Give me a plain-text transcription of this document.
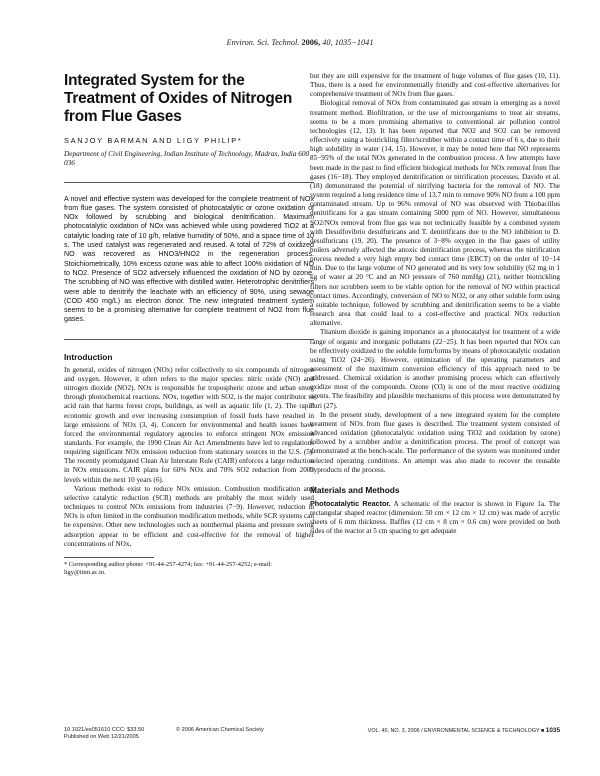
Environ. Sci. Technol. 2006, 40, 1035−1041
Integrated System for the Treatment of Oxides of Nitrogen from Flue Gases

SANJOY BARMAN AND LIGY PHILIP*

Department of Civil Engineering, Indian Institute of Technology, Madras, India 600 036

A novel and effective system was developed for the complete treatment of NOx from flue gases. The system consisted of photocatalytic or ozone oxidation of NOx followed by scrubbing and biological denitrification. Maximum photocatalytic oxidation of NOx was achieved while using powdered TiO2 at a catalytic loading rate of 10 g/h, relative humidity of 50%, and a space time of 10 s. The used catalyst was regenerated and reused. A total of 72% of oxidized NO was recovered as HNO3/HNO2 in the regeneration process. Stoichiometrically, 10% excess ozone was able to affect 100% oxidation of NO to NO2. Presence of SO2 adversely influenced the oxidation of NO by ozone. The scrubbing of NO was effective with distilled water. Heterotrophic denitrifiers were able to denitrify the leachate with an efficiency of 90%, using sewage (COD 450 mg/L) as electron donor. The new integrated treatment system seems to be a promising alternative for complete treatment of NO2 from flue gases.

Introduction

In general, oxides of nitrogen (NOx) refer collectively to six compounds of nitrogen and oxygen. However, it often refers to the major species: nitric oxide (NO) and nitrogen dioxide (NO2). NOx is responsible for tropospheric ozone and urban smog through photochemical reactions. NOx, together with SO2, is the major contributor to acid rain that harms forest crops, buildings, as well as aquatic life (1, 2). The rapid economic growth and ever increasing consumption of fossil fuels have resulted in large emissions of NOx (3, 4). Concern for environmental and health issues have forced the environmental regulatory agencies to enforce stringent NOx emission standards. For example, the 1990 Clean Air Act Amendments have led to regulations requiring significant NOx emission reduction from stationary sources in the U.S. (5). The recently promulgated Clean Air Interstate Rule (CAIR) enforces a large reduction in NOx emissions. CAIR plans for 60% NOx and 70% SO2 reduction from 2003 levels within the next 10 years (6).

Various methods exist to reduce NOx emission. Combustion modification and selective catalytic reduction (SCR) methods are probably the most widely used techniques to control NOx emissions from industries (7−9). However, reduction in NOx is often limited in the combustion modification methods, while SCR systems can be expensive. Other new technologies such as nonthermal plasma and pressure swing adsorption appear to be efficient and cost-effective for the removal of higher concentrations of NOx,

* Corresponding author phone: +91-44-257-4274; fax: +91-44-257-4252; e-mail: ligy@iitm.ac.in.

but they are still expensive for the treatment of huge volumes of flue gases (10, 11). Thus, there is a need for environmentally friendly and cost-effective alternatives for comprehensive treatment of NOx from flue gases.

Biological removal of NOx from contaminated gas stream is emerging as a novel treatment method. Biofiltration, or the use of microorganisms to treat air streams, seems to be a more promising alternative to conventional air pollution control technologies (12, 13). It has been reported that NO2 and SO2 can be removed effectively using a biotrickling filter/scrubber within a contact time of 6 s, due to their high solubility in water (14, 15). However, it may be noted here that NO represents 85−95% of the total NOx generated in the combustion process. A few attempts have been made in the past to find efficient biological methods for NOx removal from flue gases (16−18). They employed denitrification or nitrification processes. Davido et al. (18) demonstrated the potential of nitrifying bacteria for the removal of NO. The system required a long residence time of 13.7 min to remove 90% NO from a 100 ppm contaminated stream. Up to 96% removal of NO was observed with Thiobacillus denitrificans for a gas stream containing 5000 ppm of NO. However, simultaneous SO2/NOx removal from flue gas was not technically feasible by a combined system with Desulfovibrio desulfuricans and T. denitrificans due to the NO inhibition to D. desulfuricans (19, 20). The presence of 3−8% oxygen in the flue gases of utility boilers adversely affected the anoxic denitrification process, whereas the nitrification process needed a very high empty bed contact time (EBCT) on the order of 10−14 min. Due to the large volume of NO generated and its very low solubility (62 mg in 1 kg of water at 20 °C and an NO pressure of 760 mmHg) (21), neither biotrickling filters nor scrubbers seem to be viable option for the removal of NO within practical contact times. Accordingly, conversion of NO to NO2, or any other soluble form using a suitable technique, followed by scrubbing and denitrification seems to be a viable research area that could lead to a cost-effective and practical NOx reduction alternative.

Titanium dioxide is gaining importance as a photocatalyst for treatment of a wide range of organic and inorganic pollutants (22−25). It has been reported that NOx can be effectively oxidized to the soluble form/forms by means of photocatalytic oxidation using TiO2 (24−26). However, optimization of the operating parameters and assessment of the maximum conversion efficiency of this approach need to be addressed. Chemical oxidation is another promising process which can effectively oxidize most of the compounds. Ozone (O3) is one of the most reactive oxidizing agents. The feasibility and plausible mechanisms of this process were demonstrated by Puri (27).

In the present study, development of a new integrated system for the complete treatment of NOx from flue gases is described. The treatment system consisted of advanced oxidation (photocatalytic oxidation using TiO2 and oxidation by ozone) followed by a scrubber and/or a denitrification process. The proof of concept was demonstrated at the bench-scale. The performance of the system was monitored under selected operating conditions. An attempt was also made to recover the reusable byproducts of the process.

Materials and Methods

Photocatalytic Reactor. A schematic of the reactor is shown in Figure 1a. The rectangular shaped reactor (dimension: 50 cm × 12 cm × 12 cm) was made of acrylic sheets of 6 mm thickness. Baffles (12 cm × 8 cm × 0.6 cm) were provided on both sides of the reactor at 5 cm spacing to get adequate

10.1021/es051610 CCC: $33.50
Published on Web 12/21/2005
© 2006 American Chemical Society	VOL. 40, NO. 3, 2006 / ENVIRONMENTAL SCIENCE & TECHNOLOGY ■ 1035
